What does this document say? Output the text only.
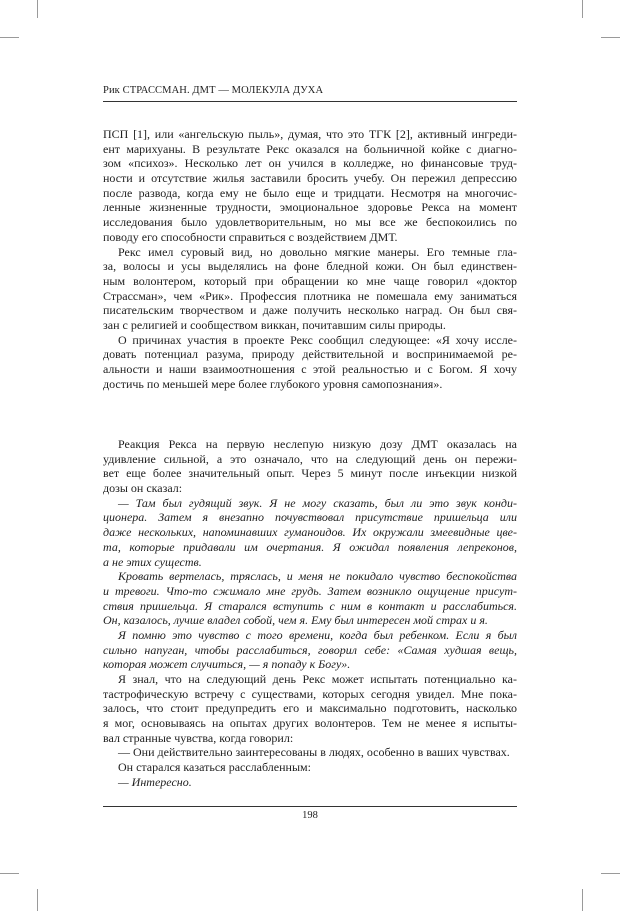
Рик СТРАССМАН. ДМТ — МОЛЕКУЛА ДУХА
ПСП [1], или «ангельскую пыль», думая, что это ТГК [2], активный ингреди-
ент марихуаны. В результате Рекс оказался на больничной койке с диагно-
зом «психоз». Несколько лет он учился в колледже, но финансовые труд-
ности и отсутствие жилья заставили бросить учебу. Он пережил депрессию
после развода, когда ему не было еще и тридцати. Несмотря на многочис-
ленные жизненные трудности, эмоциональное здоровье Рекса на момент
исследования было удовлетворительным, но мы все же беспокоились по
поводу его способности справиться с воздействием ДМТ.
Рекс имел суровый вид, но довольно мягкие манеры. Его темные гла-
за, волосы и усы выделялись на фоне бледной кожи. Он был единствен-
ным волонтером, который при обращении ко мне чаще говорил «доктор
Страссман», чем «Рик». Профессия плотника не помешала ему заниматься
писательским творчеством и даже получить несколько наград. Он был свя-
зан с религией и сообществом виккан, почитавшим силы природы.
О причинах участия в проекте Рекс сообщил следующее: «Я хочу иссле-
довать потенциал разума, природу действительной и воспринимаемой ре-
альности и наши взаимоотношения с этой реальностью и с Богом. Я хочу
достичь по меньшей мере более глубокого уровня самопознания».
Реакция Рекса на первую неслепую низкую дозу ДМТ оказалась на
удивление сильной, а это означало, что на следующий день он пережи-
вет еще более значительный опыт. Через 5 минут после инъекции низкой
дозы он сказал:
— Там был гудящий звук. Я не могу сказать, был ли это звук конди-
ционера. Затем я внезапно почувствовал присутствие пришельца или
даже нескольких, напоминавших гуманоидов. Их окружали змеевидные цве-
та, которые придавали им очертания. Я ожидал появления лепреконов,
а не этих существ.
Кровать вертелась, тряслась, и меня не покидало чувство беспокойства
и тревоги. Что-то сжимало мне грудь. Затем возникло ощущение присут-
ствия пришельца. Я старался вступить с ним в контакт и расслабиться.
Он, казалось, лучше владел собой, чем я. Ему был интересен мой страх и я.
Я помню это чувство с того времени, когда был ребенком. Если я был
сильно напуган, чтобы расслабиться, говорил себе: «Самая худшая вещь,
которая может случиться, — я попаду к Богу».
Я знал, что на следующий день Рекс может испытать потенциально ка-
тастрофическую встречу с существами, которых сегодня увидел. Мне пока-
залось, что стоит предупредить его и максимально подготовить, насколько
я мог, основываясь на опытах других волонтеров. Тем не менее я испыты-
вал странные чувства, когда говорил:
— Они действительно заинтересованы в людях, особенно в ваших чувствах.
Он старался казаться расслабленным:
— Интересно.
198
